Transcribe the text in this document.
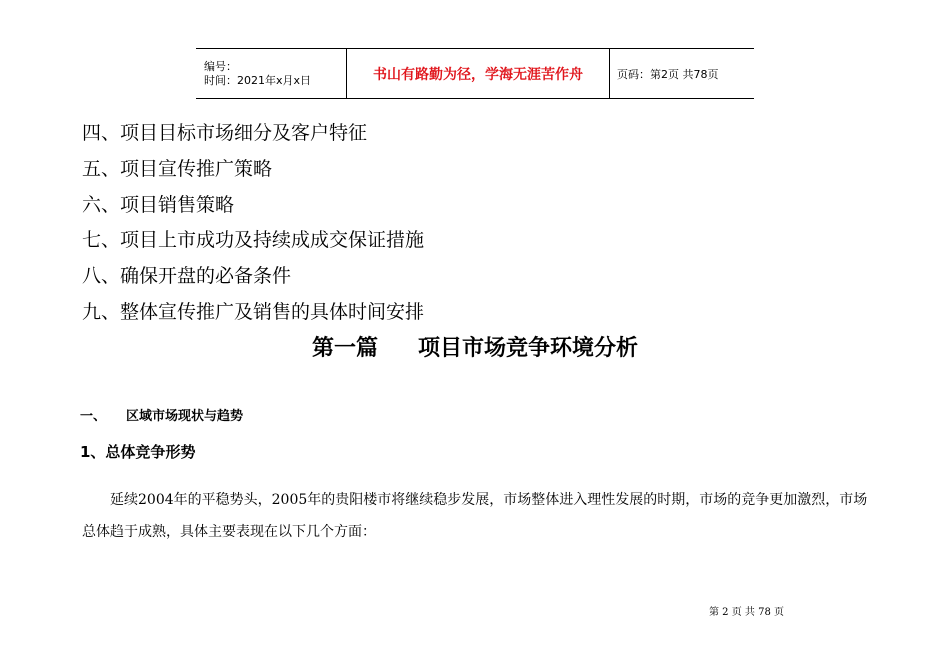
编号：
时间：2021年x月x日	书山有路勤为径，学海无涯苦作舟	页码：第2页 共78页
四、项目目标市场细分及客户特征
五、项目宣传推广策略
六、项目销售策略
七、项目上市成功及持续成成交保证措施
八、确保开盘的必备条件
九、整体宣传推广及销售的具体时间安排
第一篇 项目市场竞争环境分析
一、 区域市场现状与趋势
1、总体竞争形势
延续2004年的平稳势头，2005年的贵阳楼市将继续稳步发展，市场整体进入理性发展的时期，市场的竞争更加激烈，市场总体趋于成熟，具体主要表现在以下几个方面：
第 2 页 共 78 页
